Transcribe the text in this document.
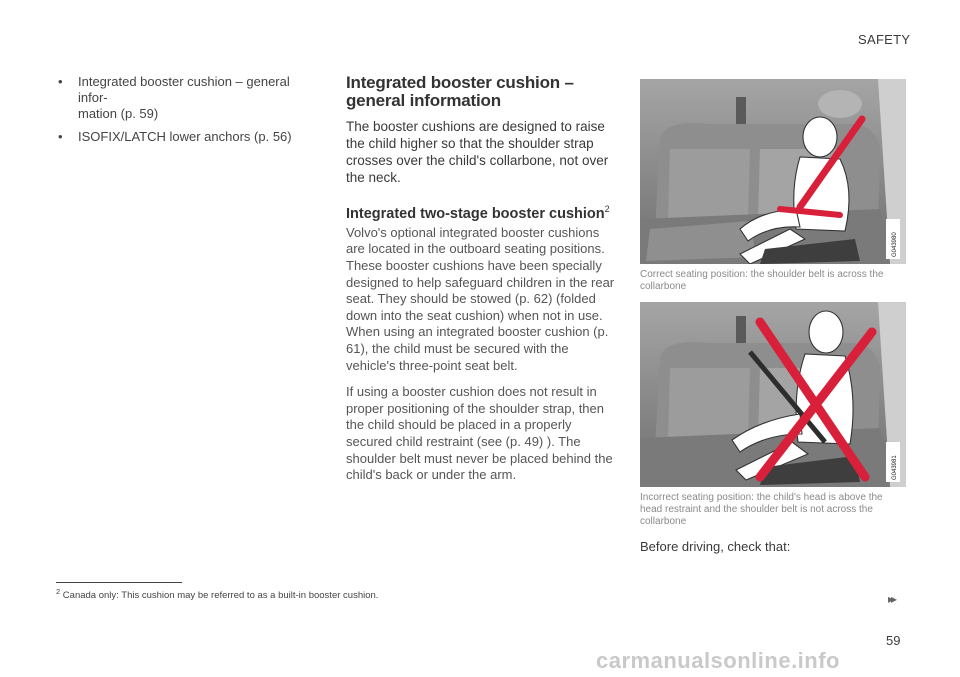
SAFETY
• Integrated booster cushion – general infor-
mation (p. 59)
• ISOFIX/LATCH lower anchors (p. 56)
Integrated booster cushion –
general information

The booster cushions are designed to raise the child higher so that the shoulder strap crosses over the child's collarbone, not over the neck.

Integrated two-stage booster cushion$^2$

Volvo's optional integrated booster cushions are located in the outboard seating positions. These booster cushions have been specially designed to help safeguard children in the rear seat. They should be stowed (p. 62) (folded down into the seat cushion) when not in use. When using an integrated booster cushion (p. 61), the child must be secured with the vehicle's three-point seat belt.

If using a booster cushion does not result in proper positioning of the shoulder strap, then the child should be placed in a properly secured child restraint (see (p. 49) ). The shoulder belt must never be placed behind the child's back or under the arm.

G043980
Correct seating position: the shoulder belt is across the collarbone
G043981
Incorrect seating position: the child's head is above the head restraint and the shoulder belt is not across the collarbone
Before driving, check that:
$^2$ Canada only: This cushion may be referred to as a built-in booster cushion.	▸▸
59
carmanualsonline.info
